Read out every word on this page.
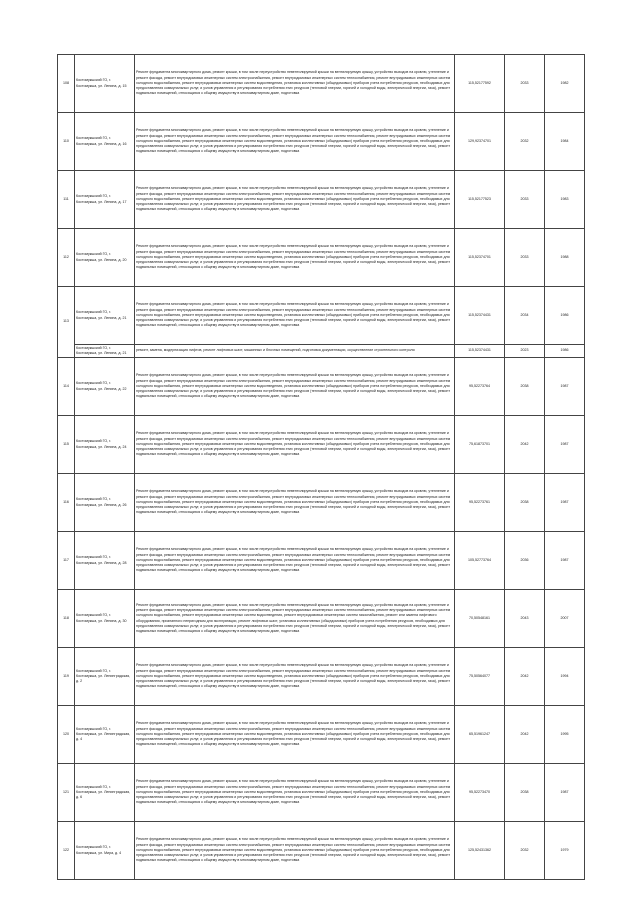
108	Костомукшский ГО, г. Костомукша, ул. Ленина, д. 15	Ремонт фундамента многоквартирного дома, ремонт крыши, в том числе переустройство невентилируемой крыши на вентилируемую крышу, устройство выходов на кровлю, утепление и ремонт фасада, ремонт внутридомовых инженерных систем электроснабжения, ремонт внутридомовых инженерных систем теплоснабжения, ремонт внутридомовых инженерных систем холодного водоснабжения, ремонт внутридомовых инженерных систем водоотведения, установка коллективных (общедомовых) приборов учета потребления ресурсов, необходимых для предоставления коммунальных услуг, и узлов управления и регулирования потребления этих ресурсов (тепловой энергии, горячей и холодной воды, электрической энергии, газа), ремонт подвальных помещений, относящихся к общему имуществу в многоквартирном доме, подготовка	115,52177592	2033	1982
110	Костомукшский ГО, г. Костомукша, ул. Ленина, д. 16	Ремонт фундамента многоквартирного дома, ремонт крыши, в том числе переустройство невентилируемой крыши на вентилируемую крышу, устройство выходов на кровлю, утепление и ремонт фасада, ремонт внутридомовых инженерных систем электроснабжения, ремонт внутридомовых инженерных систем теплоснабжения, ремонт внутридомовых инженерных систем холодного водоснабжения, ремонт внутридомовых инженерных систем водоотведения, установка коллективных (общедомовых) приборов учета потребления ресурсов, необходимых для предоставления коммунальных услуг, и узлов управления и регулирования потребления этих ресурсов (тепловой энергии, горячей и холодной воды, электрической энергии, газа), ремонт подвальных помещений, относящихся к общему имуществу в многоквартирном доме, подготовка	129,92374701	2032	1984
111	Костомукшский ГО, г. Костомукша, ул. Ленина, д. 17	Ремонт фундамента многоквартирного дома, ремонт крыши, в том числе переустройство невентилируемой крыши на вентилируемую крышу, устройство выходов на кровлю, утепление и ремонт фасада, ремонт внутридомовых инженерных систем электроснабжения, ремонт внутридомовых инженерных систем теплоснабжения, ремонт внутридомовых инженерных систем холодного водоснабжения, ремонт внутридомовых инженерных систем водоотведения, установка коллективных (общедомовых) приборов учета потребления ресурсов, необходимых для предоставления коммунальных услуг, и узлов управления и регулирования потребления этих ресурсов (тепловой энергии, горячей и холодной воды, электрической энергии, газа), ремонт подвальных помещений, относящихся к общему имуществу в многоквартирном доме, подготовка	115,52177523	2033	1983
112	Костомукшский ГО, г. Костомукша, ул. Ленина, д. 20	Ремонт фундамента многоквартирного дома, ремонт крыши, в том числе переустройство невентилируемой крыши на вентилируемую крышу, устройство выходов на кровлю, утепление и ремонт фасада, ремонт внутридомовых инженерных систем электроснабжения, ремонт внутридомовых инженерных систем теплоснабжения, ремонт внутридомовых инженерных систем холодного водоснабжения, ремонт внутридомовых инженерных систем водоотведения, установка коллективных (общедомовых) приборов учета потребления ресурсов, необходимых для предоставления коммунальных услуг, и узлов управления и регулирования потребления этих ресурсов (тепловой энергии, горячей и холодной воды, электрической энергии, газа), ремонт подвальных помещений, относящихся к общему имуществу в многоквартирном доме, подготовка	115,52374701	2033	1988
113	Костомукшский ГО, г. Костомукша, ул. Ленина, д. 21	Ремонт фундамента многоквартирного дома, ремонт крыши, в том числе переустройство невентилируемой крыши на вентилируемую крышу, устройство выходов на кровлю, утепление и ремонт фасада, ремонт внутридомовых инженерных систем электроснабжения, ремонт внутридомовых инженерных систем теплоснабжения, ремонт внутридомовых инженерных систем холодного водоснабжения, ремонт внутридомовых инженерных систем водоотведения, установка коллективных (общедомовых) приборов учета потребления ресурсов, необходимых для предоставления коммунальных услуг, и узлов управления и регулирования потребления этих ресурсов (тепловой энергии, горячей и холодной воды, электрической энергии, газа), ремонт подвальных помещений, относящихся к общему имуществу в многоквартирном доме, подготовка	115,52374431	2034	1986
	Костомукшский ГО, г. Костомукша, ул. Ленина, д. 21	ремонт, замена, модернизация лифтов, ремонт лифтовых шахт, машинных и блочных помещений, подготовка документации, осуществление строительного контроля	115,52374431	2023	1986
114	Костомукшский ГО, г. Костомукша, ул. Ленина, д. 22	Ремонт фундамента многоквартирного дома, ремонт крыши, в том числе переустройство невентилируемой крыши на вентилируемую крышу, устройство выходов на кровлю, утепление и ремонт фасада, ремонт внутридомовых инженерных систем электроснабжения, ремонт внутридомовых инженерных систем теплоснабжения, ремонт внутридомовых инженерных систем холодного водоснабжения, ремонт внутридомовых инженерных систем водоотведения, установка коллективных (общедомовых) приборов учета потребления ресурсов, необходимых для предоставления коммунальных услуг, и узлов управления и регулирования потребления этих ресурсов (тепловой энергии, горячей и холодной воды, электрической энергии, газа), ремонт подвальных помещений, относящихся к общему имуществу в многоквартирном доме, подготовка	95,52273764	2038	1987
115	Костомукшский ГО, г. Костомукша, ул. Ленина, д. 24	Ремонт фундамента многоквартирного дома, ремонт крыши, в том числе переустройство невентилируемой крыши на вентилируемую крышу, устройство выходов на кровлю, утепление и ремонт фасада, ремонт внутридомовых инженерных систем электроснабжения, ремонт внутридомовых инженерных систем теплоснабжения, ремонт внутридомовых инженерных систем холодного водоснабжения, ремонт внутридомовых инженерных систем водоотведения, установка коллективных (общедомовых) приборов учета потребления ресурсов, необходимых для предоставления коммунальных услуг, и узлов управления и регулирования потребления этих ресурсов (тепловой энергии, горячей и холодной воды, электрической энергии, газа), ремонт подвальных помещений, относящихся к общему имуществу в многоквартирном доме, подготовка	75,61873701	2042	1987
116	Костомукшский ГО, г. Костомукша, ул. Ленина, д. 26	Ремонт фундамента многоквартирного дома, ремонт крыши, в том числе переустройство невентилируемой крыши на вентилируемую крышу, устройство выходов на кровлю, утепление и ремонт фасада, ремонт внутридомовых инженерных систем электроснабжения, ремонт внутридомовых инженерных систем теплоснабжения, ремонт внутридомовых инженерных систем холодного водоснабжения, ремонт внутридомовых инженерных систем водоотведения, установка коллективных (общедомовых) приборов учета потребления ресурсов, необходимых для предоставления коммунальных услуг, и узлов управления и регулирования потребления этих ресурсов (тепловой энергии, горячей и холодной воды, электрической энергии, газа), ремонт подвальных помещений, относящихся к общему имуществу в многоквартирном доме, подготовка	95,52273761	2038	1987
117	Костомукшский ГО, г. Костомукша, ул. Ленина, д. 28	Ремонт фундамента многоквартирного дома, ремонт крыши, в том числе переустройство невентилируемой крыши на вентилируемую крышу, устройство выходов на кровлю, утепление и ремонт фасада, ремонт внутридомовых инженерных систем электроснабжения, ремонт внутридомовых инженерных систем теплоснабжения, ремонт внутридомовых инженерных систем холодного водоснабжения, ремонт внутридомовых инженерных систем водоотведения, установка коллективных (общедомовых) приборов учета потребления ресурсов, необходимых для предоставления коммунальных услуг, и узлов управления и регулирования потребления этих ресурсов (тепловой энергии, горячей и холодной воды, электрической энергии, газа), ремонт подвальных помещений, относящихся к общему имуществу в многоквартирном доме, подготовка	105,52773764	2036	1987
118	Костомукшский ГО, г. Костомукша, ул. Ленина, д. 30	Ремонт фундамента многоквартирного дома, ремонт крыши, в том числе переустройство невентилируемой крыши на вентилируемую крышу, устройство выходов на кровлю, утепление и ремонт фасада, ремонт внутридомовых инженерных систем электроснабжения, ремонт внутридомовых инженерных систем теплоснабжения, ремонт внутридомовых инженерных систем холодного водоснабжения, ремонт внутридомовых инженерных систем водоотведения, ремонт внутридомовых инженерных систем газоснабжения, ремонт или замена лифтового оборудования, признанного непригодным для эксплуатации, ремонт лифтовых шахт, установка коллективных (общедомовых) приборов учета потребления ресурсов, необходимых для предоставления коммунальных услуг, и узлов управления и регулирования потребления этих ресурсов (тепловой энергии, горячей и холодной воды, электрической энергии, газа), ремонт подвальных помещений, относящихся к общему имуществу в многоквартирном доме, подготовка	70,50548161	2043	2007
119	Костомукшский ГО, г. Костомукша, ул. Ленинградская, д. 2	Ремонт фундамента многоквартирного дома, ремонт крыши, в том числе переустройство невентилируемой крыши на вентилируемую крышу, устройство выходов на кровлю, утепление и ремонт фасада, ремонт внутридомовых инженерных систем электроснабжения, ремонт внутридомовых инженерных систем теплоснабжения, ремонт внутридомовых инженерных систем холодного водоснабжения, ремонт внутридомовых инженерных систем водоотведения, установка коллективных (общедомовых) приборов учета потребления ресурсов, необходимых для предоставления коммунальных услуг, и узлов управления и регулирования потребления этих ресурсов (тепловой энергии, горячей и холодной воды, электрической энергии, газа), ремонт подвальных помещений, относящихся к общему имуществу в многоквартирном доме, подготовка	75,50564077	2042	1994
120	Костомукшский ГО, г. Костомукша, ул. Ленинградская, д. 4	Ремонт фундамента многоквартирного дома, ремонт крыши, в том числе переустройство невентилируемой крыши на вентилируемую крышу, устройство выходов на кровлю, утепление и ремонт фасада, ремонт внутридомовых инженерных систем электроснабжения, ремонт внутридомовых инженерных систем теплоснабжения, ремонт внутридомовых инженерных систем холодного водоснабжения, ремонт внутридомовых инженерных систем водоотведения, установка коллективных (общедомовых) приборов учета потребления ресурсов, необходимых для предоставления коммунальных услуг, и узлов управления и регулирования потребления этих ресурсов (тепловой энергии, горячей и холодной воды, электрической энергии, газа), ремонт подвальных помещений, относящихся к общему имуществу в многоквартирном доме, подготовка	65,51961247	2042	1995
121	Костомукшский ГО, г. Костомукша, ул. Ленинградская, д. 6	Ремонт фундамента многоквартирного дома, ремонт крыши, в том числе переустройство невентилируемой крыши на вентилируемую крышу, устройство выходов на кровлю, утепление и ремонт фасада, ремонт внутридомовых инженерных систем электроснабжения, ремонт внутридомовых инженерных систем теплоснабжения, ремонт внутридомовых инженерных систем холодного водоснабжения, ремонт внутридомовых инженерных систем водоотведения, установка коллективных (общедомовых) приборов учета потребления ресурсов, необходимых для предоставления коммунальных услуг, и узлов управления и регулирования потребления этих ресурсов (тепловой энергии, горячей и холодной воды, электрической энергии, газа), ремонт подвальных помещений, относящихся к общему имуществу в многоквартирном доме, подготовка	95,52273470	2038	1987
122	Костомукшский ГО, г. Костомукша, ул. Мира, д. 4	Ремонт фундамента многоквартирного дома, ремонт крыши, в том числе переустройство невентилируемой крыши на вентилируемую крышу, устройство выходов на кровлю, утепление и ремонт фасада, ремонт внутридомовых инженерных систем электроснабжения, ремонт внутридомовых инженерных систем теплоснабжения, ремонт внутридомовых инженерных систем холодного водоснабжения, ремонт внутридомовых инженерных систем водоотведения, установка коллективных (общедомовых) приборов учета потребления ресурсов, необходимых для предоставления коммунальных услуг, и узлов управления и регулирования потребления этих ресурсов (тепловой энергии, горячей и холодной воды, электрической энергии, газа), ремонт подвальных помещений, относящихся к общему имуществу в многоквартирном доме, подготовка	125,52431362	2032	1979
